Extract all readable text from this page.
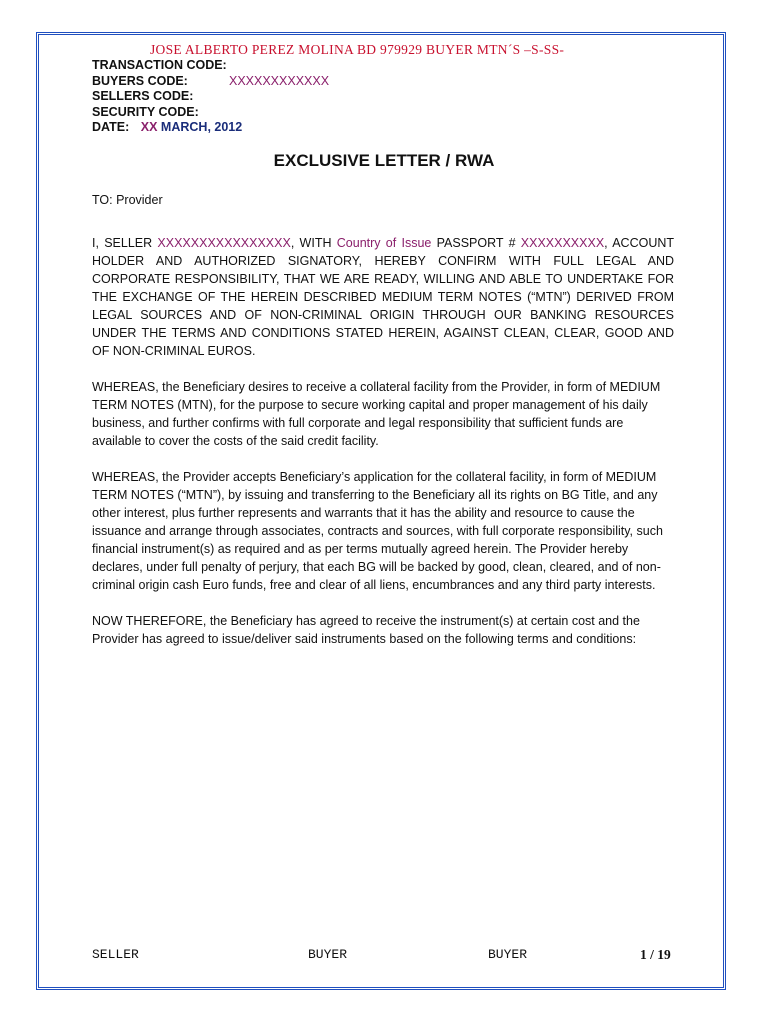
JOSE ALBERTO PEREZ MOLINA BD 979929 BUYER MTN´S –S-SS-
TRANSACTION CODE:
BUYERS CODE:	XXXXXXXXXXXX
SELLERS CODE:
SECURITY CODE:
DATE: XX MARCH, 2012
EXCLUSIVE LETTER / RWA
TO: Provider

I, SELLER XXXXXXXXXXXXXXXX, WITH Country of Issue PASSPORT # XXXXXXXXXX, ACCOUNT HOLDER AND AUTHORIZED SIGNATORY, HEREBY CONFIRM WITH FULL LEGAL AND CORPORATE RESPONSIBILITY, THAT WE ARE READY, WILLING AND ABLE TO UNDERTAKE FOR THE EXCHANGE OF THE HEREIN DESCRIBED MEDIUM TERM NOTES (“MTN”) DERIVED FROM LEGAL SOURCES AND OF NON-CRIMINAL ORIGIN THROUGH OUR BANKING RESOURCES UNDER THE TERMS AND CONDITIONS STATED HEREIN, AGAINST CLEAN, CLEAR, GOOD AND OF NON-CRIMINAL EUROS.

WHEREAS, the Beneficiary desires to receive a collateral facility from the Provider, in form of MEDIUM TERM NOTES (MTN), for the purpose to secure working capital and proper management of his daily business, and further confirms with full corporate and legal responsibility that sufficient funds are available to cover the costs of the said credit facility.

WHEREAS, the Provider accepts Beneficiary’s application for the collateral facility, in form of MEDIUM TERM NOTES (“MTN”), by issuing and transferring to the Beneficiary all its rights on BG Title, and any other interest, plus further represents and warrants that it has the ability and resource to cause the issuance and arrange through associates, contracts and sources, with full corporate responsibility, such financial instrument(s) as required and as per terms mutually agreed herein. The Provider hereby declares, under full penalty of perjury, that each BG will be backed by good, clean, cleared, and of non-criminal origin cash Euro funds, free and clear of all liens, encumbrances and any third party interests.

NOW THEREFORE, the Beneficiary has agreed to receive the instrument(s) at certain cost and the Provider has agreed to issue/deliver said instruments based on the following terms and conditions:

SELLER	BUYER	BUYER	1 / 19
